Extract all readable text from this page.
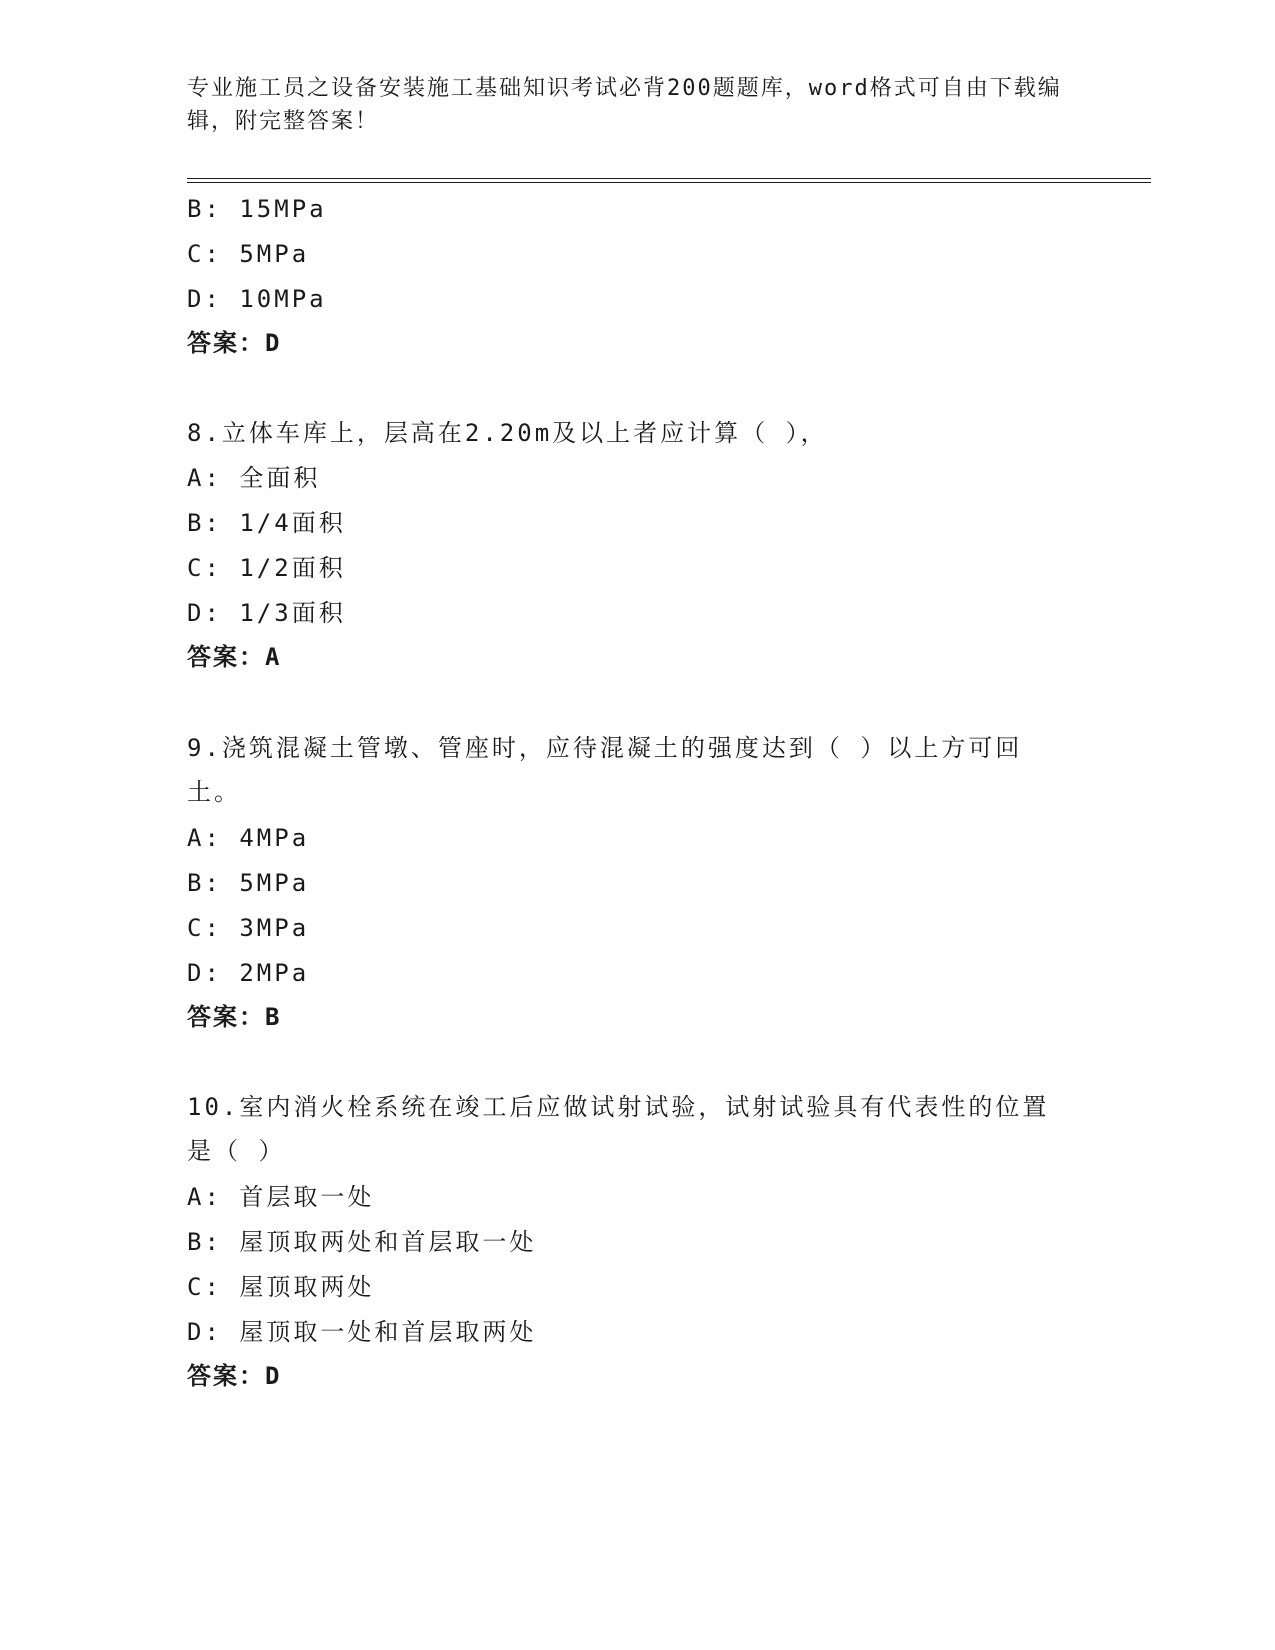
专业施工员之设备安装施工基础知识考试必背200题题库，word格式可自由下载编辑，附完整答案！
B: 15MPa
C: 5MPa
D: 10MPa
答案：D
8.立体车库上，层高在2.20m及以上者应计算（ ），
A: 全面积
B: 1/4面积
C: 1/2面积
D: 1/3面积
答案：A
9.浇筑混凝土管墩、管座时，应待混凝土的强度达到（ ）以上方可回土。
A: 4MPa
B: 5MPa
C: 3MPa
D: 2MPa
答案：B
10.室内消火栓系统在竣工后应做试射试验，试射试验具有代表性的位置是（ ）
A: 首层取一处
B: 屋顶取两处和首层取一处
C: 屋顶取两处
D: 屋顶取一处和首层取两处
答案：D
